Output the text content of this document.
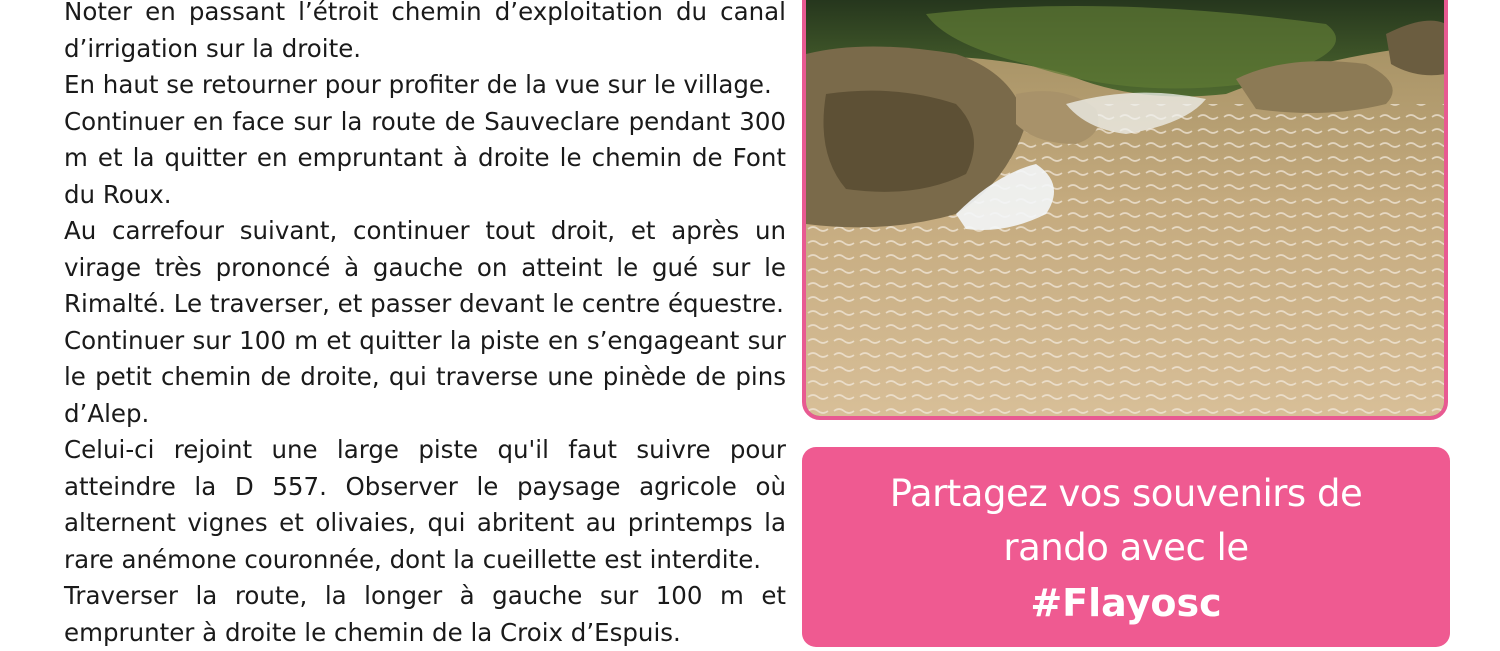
Noter en passant l’étroit chemin d’exploitation du canal d’irrigation sur la droite.

En haut se retourner pour profiter de la vue sur le village.

Continuer en face sur la route de Sauveclare pendant 300 m et la quitter en empruntant à droite le chemin de Font du Roux.

Au carrefour suivant, continuer tout droit, et après un virage très prononcé à gauche on atteint le gué sur le Rimalté. Le traverser, et passer devant le centre équestre.

Continuer sur 100 m et quitter la piste en s’engageant sur le petit chemin de droite, qui traverse une pinède de pins d’Alep.

Celui-ci rejoint une large piste qu'il faut suivre pour atteindre la D 557. Observer le paysage agricole où alternent vignes et olivaies, qui abritent au printemps la rare anémone couronnée, dont la cueillette est interdite.

Traverser la route, la longer à gauche sur 100 m et emprunter à droite le chemin de la Croix d’Espuis.

Partagez vos souvenirs de
rando avec le
#Flayosc
